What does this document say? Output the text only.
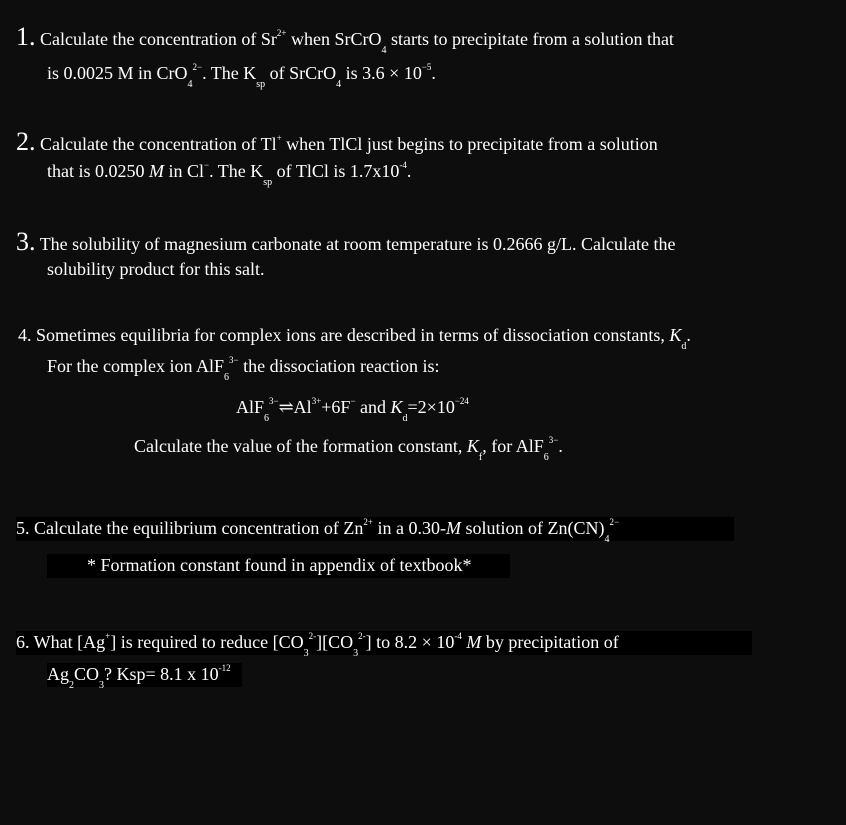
1. Calculate the concentration of $Sr^{2+}$ when SrCrO$_4$ starts to precipitate from a solution that
is 0.0025 M in CrO$_4^{2-}$. The $K_{sp}$ of SrCrO$_4$ is $3.6 \times 10^{-5}$.
2. Calculate the concentration of Tl+ when TlCl just begins to precipitate from a solution
that is 0.0250 M in Cl−. The $K_{sp}$ of TlCl is $1.7x10^{-4}$.
3. The solubility of magnesium carbonate at room temperature is 0.2666 g/L. Calculate the
solubility product for this salt.
4. Sometimes equilibria for complex ions are described in terms of dissociation constants, $K_d$.
For the complex ion AlF$_6^{3-}$ the dissociation reaction is:
$AlF_6^{3-}\rightleftharpoons Al^{3+}+6F^-$ and $K_d=2\times 10^{-24}$
Calculate the value of the formation constant, $K_f$, for AlF$_6^{3-}$.
5. Calculate the equilibrium concentration of $Zn^{2+}$ in a 0.30-M solution of $Zn(CN)_4^{2-}$
* Formation constant found in appendix of textbook*
6. What [Ag+] is required to reduce $[CO_3^{2-}][CO_3^{2-}]$ to $8.2 \times 10^{-4}$ M by precipitation of
$Ag_2CO_3$? Ksp= 8.1 x $10^{-12}$
